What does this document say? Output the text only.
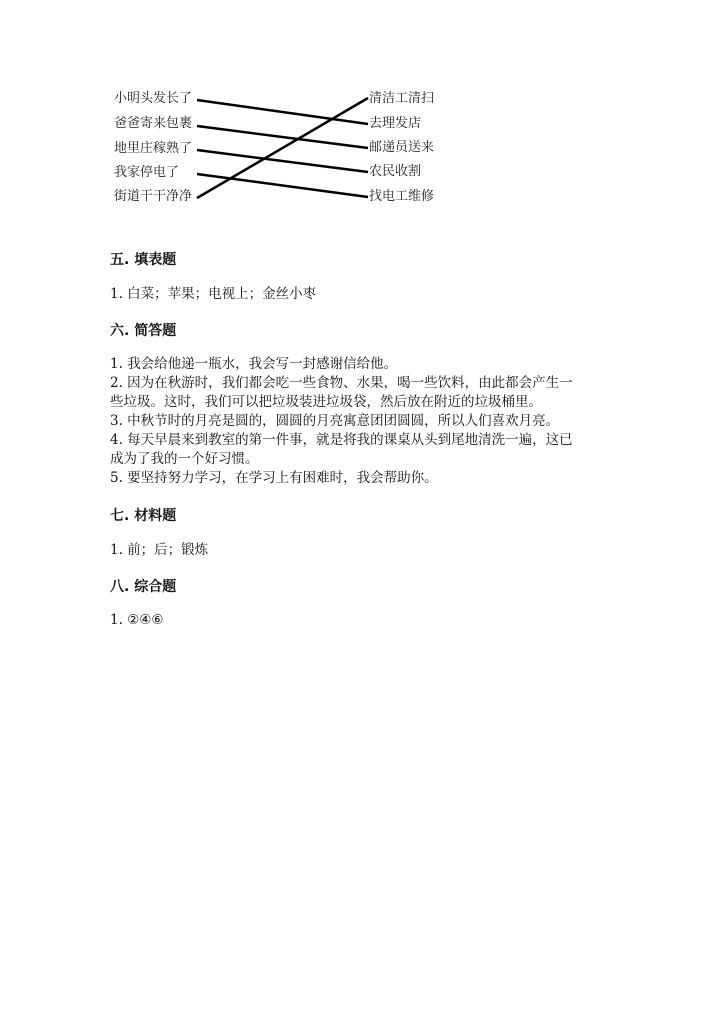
小明头发长了
爸爸寄来包裹
地里庄稼熟了
我家停电了
街道干干净净
清洁工清扫
去理发店
邮递员送来
农民收割
找电工维修
五. 填表题
1. 白菜；苹果；电视上；金丝小枣
六. 简答题
1. 我会给他递一瓶水，我会写一封感谢信给他。
2. 因为在秋游时，我们都会吃一些食物、水果，喝一些饮料，由此都会产生一
些垃圾。这时，我们可以把垃圾装进垃圾袋，然后放在附近的垃圾桶里。
3. 中秋节时的月亮是圆的，圆圆的月亮寓意团团圆圆，所以人们喜欢月亮。
4. 每天早晨来到教室的第一件事，就是将我的课桌从头到尾地清洗一遍，这已
成为了我的一个好习惯。
5. 要坚持努力学习，在学习上有困难时，我会帮助你。
七. 材料题
1. 前；后；锻炼
八. 综合题
1. ②④⑥
